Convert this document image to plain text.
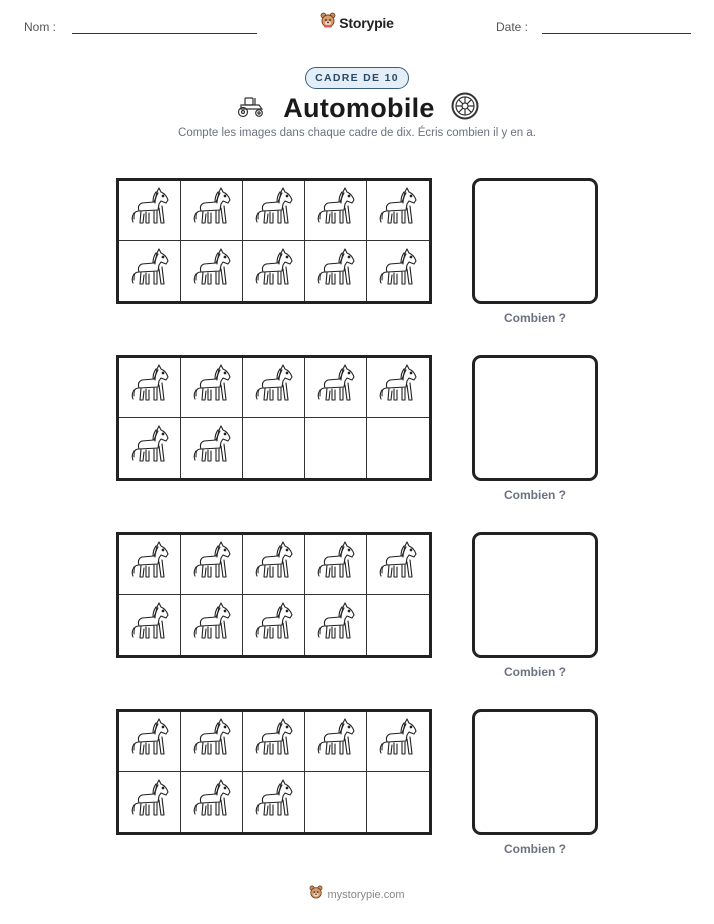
Nom :	Storypie	Date :
CADRE DE 10
Automobile
Compte les images dans chaque cadre de dix. Écris combien il y en a.
Combien ?
Combien ?
Combien ?
Combien ?
mystorypie.com
